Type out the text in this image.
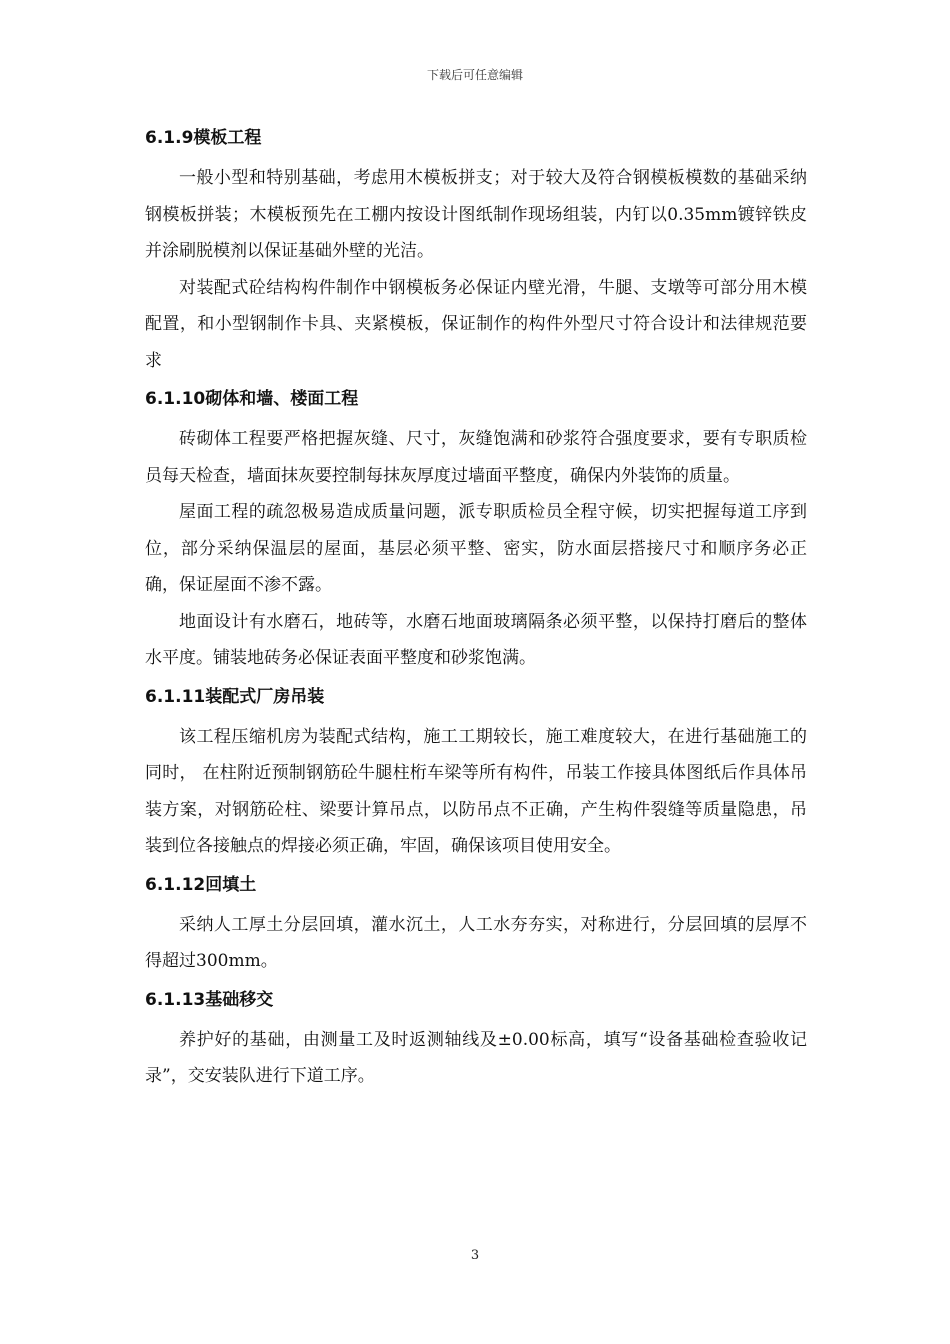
下载后可任意编辑
6.1.9模板工程

一般小型和特别基础，考虑用木模板拼支；对于较大及符合钢模板模数的基础采纳钢模板拼装；木模板预先在工棚内按设计图纸制作现场组装，内钉以0.35mm镀锌铁皮并涂刷脱模剂以保证基础外壁的光洁。

对装配式砼结构构件制作中钢模板务必保证内壁光滑，牛腿、支墩等可部分用木模配置，和小型钢制作卡具、夹紧模板，保证制作的构件外型尺寸符合设计和法律规范要求

6.1.10砌体和墙、楼面工程

砖砌体工程要严格把握灰缝、尺寸，灰缝饱满和砂浆符合强度要求，要有专职质检员每天检查，墙面抹灰要控制每抹灰厚度过墙面平整度，确保内外装饰的质量。

屋面工程的疏忽极易造成质量问题，派专职质检员全程守候，切实把握每道工序到位，部分采纳保温层的屋面，基层必须平整、密实，防水面层搭接尺寸和顺序务必正确，保证屋面不渗不露。

地面设计有水磨石，地砖等，水磨石地面玻璃隔条必须平整，以保持打磨后的整体水平度。铺装地砖务必保证表面平整度和砂浆饱满。

6.1.11装配式厂房吊装

该工程压缩机房为装配式结构，施工工期较长，施工难度较大，在进行基础施工的同时， 在柱附近预制钢筋砼牛腿柱桁车梁等所有构件，吊装工作接具体图纸后作具体吊装方案，对钢筋砼柱、梁要计算吊点，以防吊点不正确，产生构件裂缝等质量隐患，吊装到位各接触点的焊接必须正确，牢固，确保该项目使用安全。

6.1.12回填土

采纳人工厚土分层回填，灌水沉土，人工水夯夯实，对称进行，分层回填的层厚不得超过300mm。

6.1.13基础移交

养护好的基础，由测量工及时返测轴线及±0.00标高，填写“设备基础检查验收记录”，交安装队进行下道工序。

3
